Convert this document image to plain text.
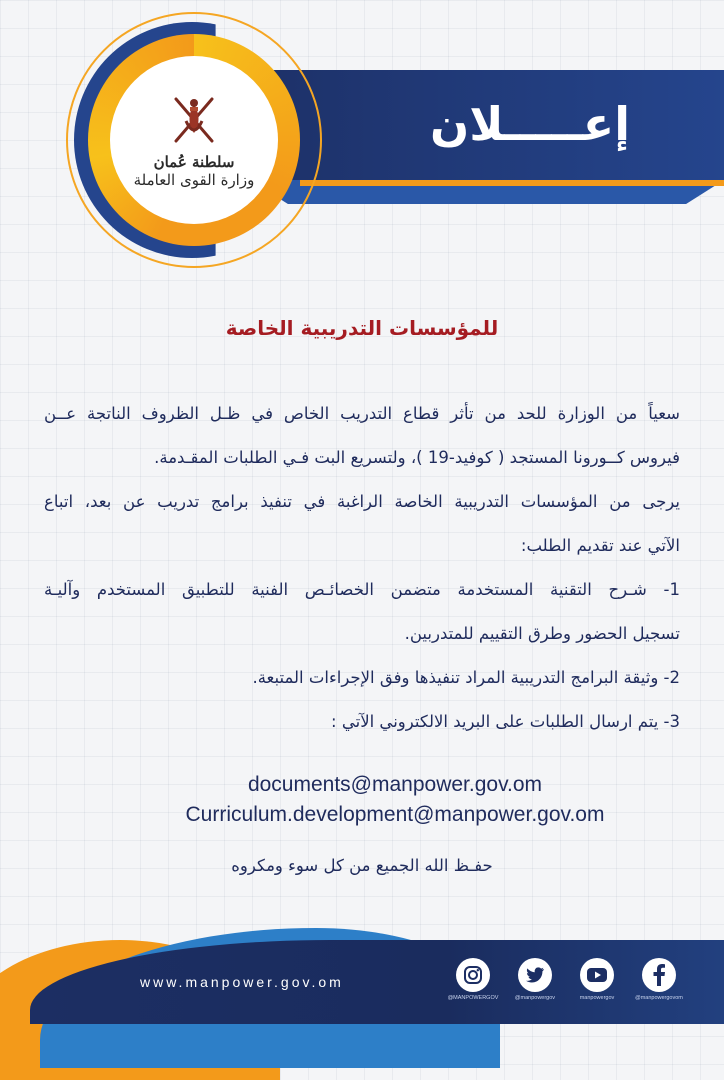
إعـــــلان
سلطنة عُمان
وزارة القوى العاملة
للمؤسسات التدريبية الخاصة

سعياً من الوزارة للحد من تأثر قطاع التدريب الخاص في ظـل الظروف الناتجة عــن

فيروس كــورونا المستجد ( كوفيد-19 )، ولتسريع البت فـي الطلبات المقـدمة.

يرجى من المؤسسات التدريبية الخاصة الراغبة في تنفيذ برامج تدريب عن بعد، اتباع

الآتي عند تقديم الطلب:

1- شـرح التقنية المستخدمة متضمن الخصائـص الفنية للتطبيق المستخدم وآليـة

تسجيل الحضور وطرق التقييم للمتدربين.

2- وثيقة البرامج التدريبية المراد تنفيذها وفق الإجراءات المتبعة.

3- يتم ارسال الطلبات على البريد الالكتروني الآتي :

documents@manpower.gov.om
Curriculum.development@manpower.gov.om
حفـظ الله الجميع من كل سوء ومكروه
www.manpower.gov.om
@MANPOWERGOV	@manpowergov	manpowergov	@manpowergovom
